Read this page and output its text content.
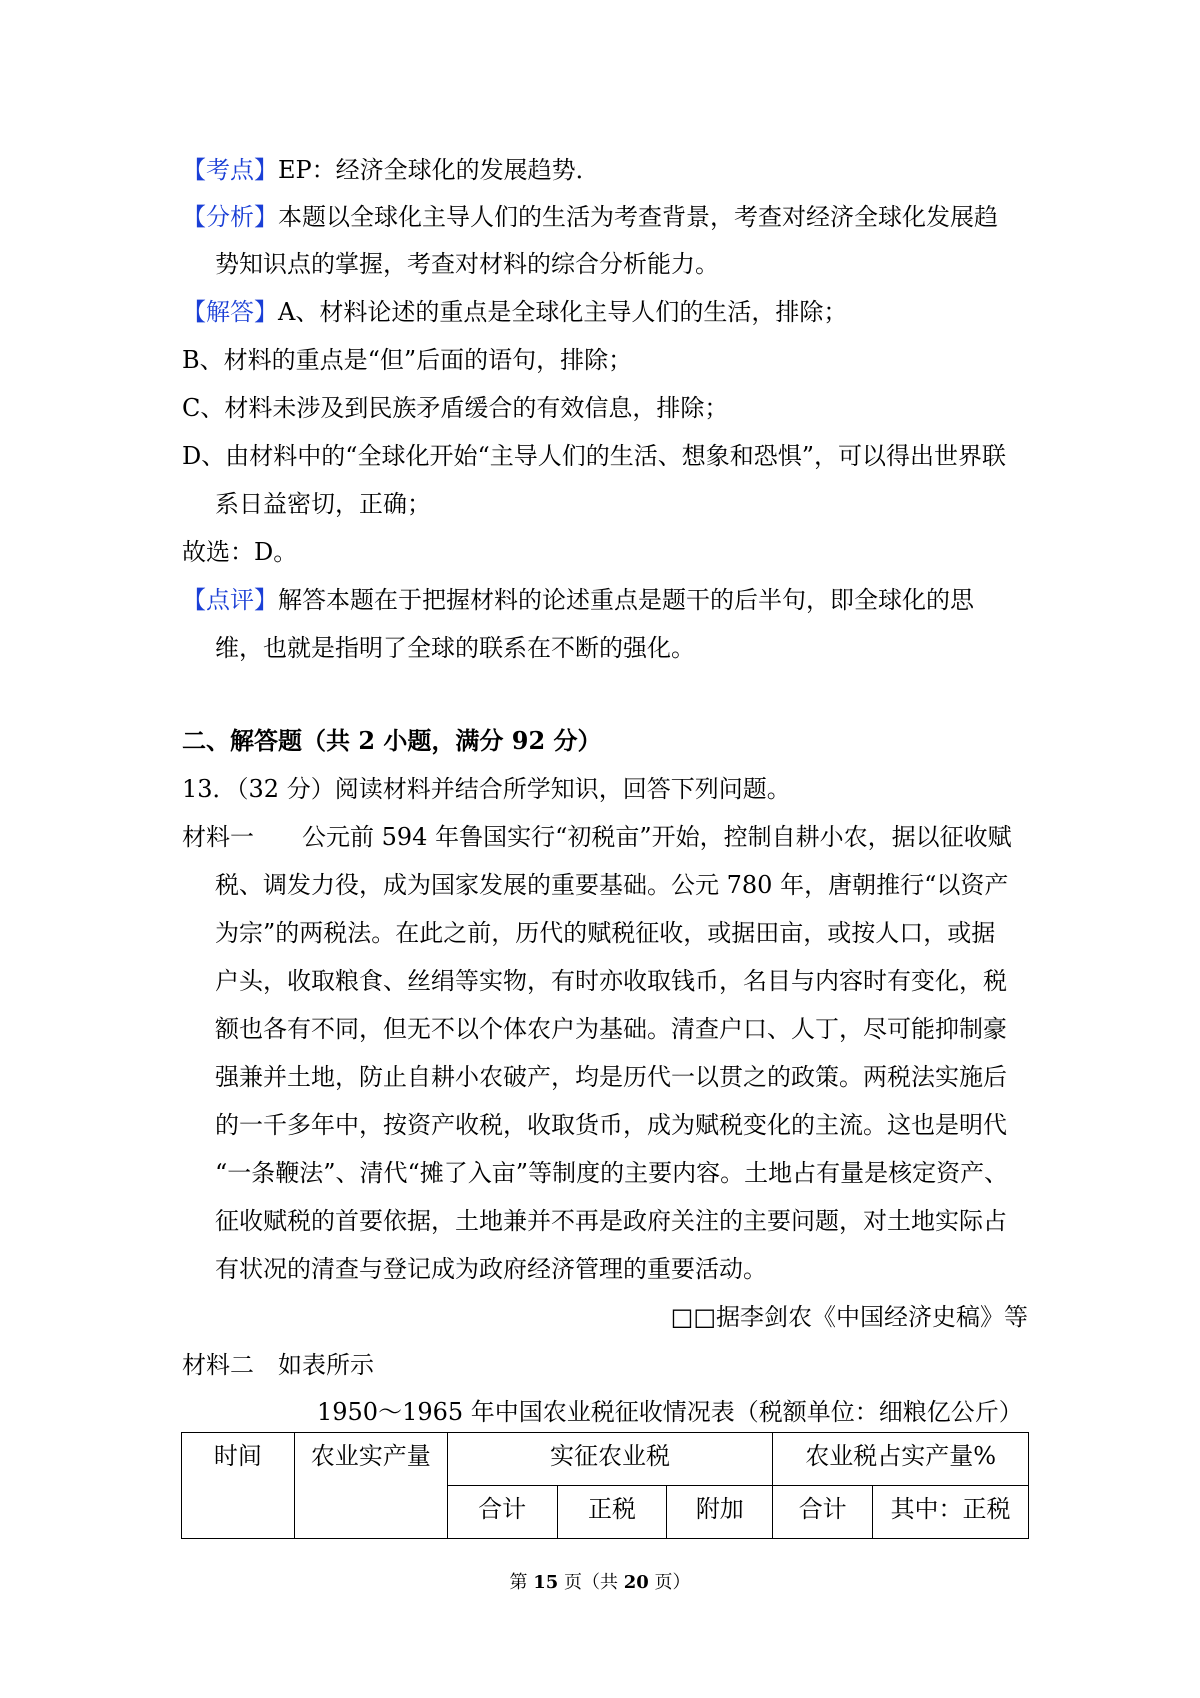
【考点】EP：经济全球化的发展趋势．
【分析】本题以全球化主导人们的生活为考查背景，考查对经济全球化发展趋
势知识点的掌握，考查对材料的综合分析能力。
【解答】A、材料论述的重点是全球化主导人们的生活，排除；
B、材料的重点是“但”后面的语句，排除；
C、材料未涉及到民族矛盾缓合的有效信息，排除；
D、由材料中的“全球化开始“主导人们的生活、想象和恐惧”，可以得出世界联
系日益密切，正确；
故选：D。
【点评】解答本题在于把握材料的论述重点是题干的后半句，即全球化的思
维，也就是指明了全球的联系在不断的强化。
二、解答题（共 2 小题，满分 92 分）
13．（32 分）阅读材料并结合所学知识，回答下列问题。
材料一　　公元前 594 年鲁国实行“初税亩”开始，控制自耕小农，据以征收赋
税、调发力役，成为国家发展的重要基础。公元 780 年，唐朝推行“以资产
为宗”的两税法。在此之前，历代的赋税征收，或据田亩，或按人口，或据
户头，收取粮食、丝绢等实物，有时亦收取钱币，名目与内容时有变化，税
额也各有不同，但无不以个体农户为基础。清查户口、人丁，尽可能抑制豪
强兼并土地，防止自耕小农破产，均是历代一以贯之的政策。两税法实施后
的一千多年中，按资产收税，收取货币，成为赋税变化的主流。这也是明代
“一条鞭法”、清代“摊了入亩”等制度的主要内容。土地占有量是核定资产、
征收赋税的首要依据，土地兼并不再是政府关注的主要问题，对土地实际占
有状况的清查与登记成为政府经济管理的重要活动。
□□据李剑农《中国经济史稿》等
材料二　如表所示
1950～1965 年中国农业税征收情况表（税额单位：细粮亿公斤）
时间	农业实产量	实征农业税			农业税占实产量%	
		合计	正税	附加	合计	其中：正税
第 15 页（共 20 页）
